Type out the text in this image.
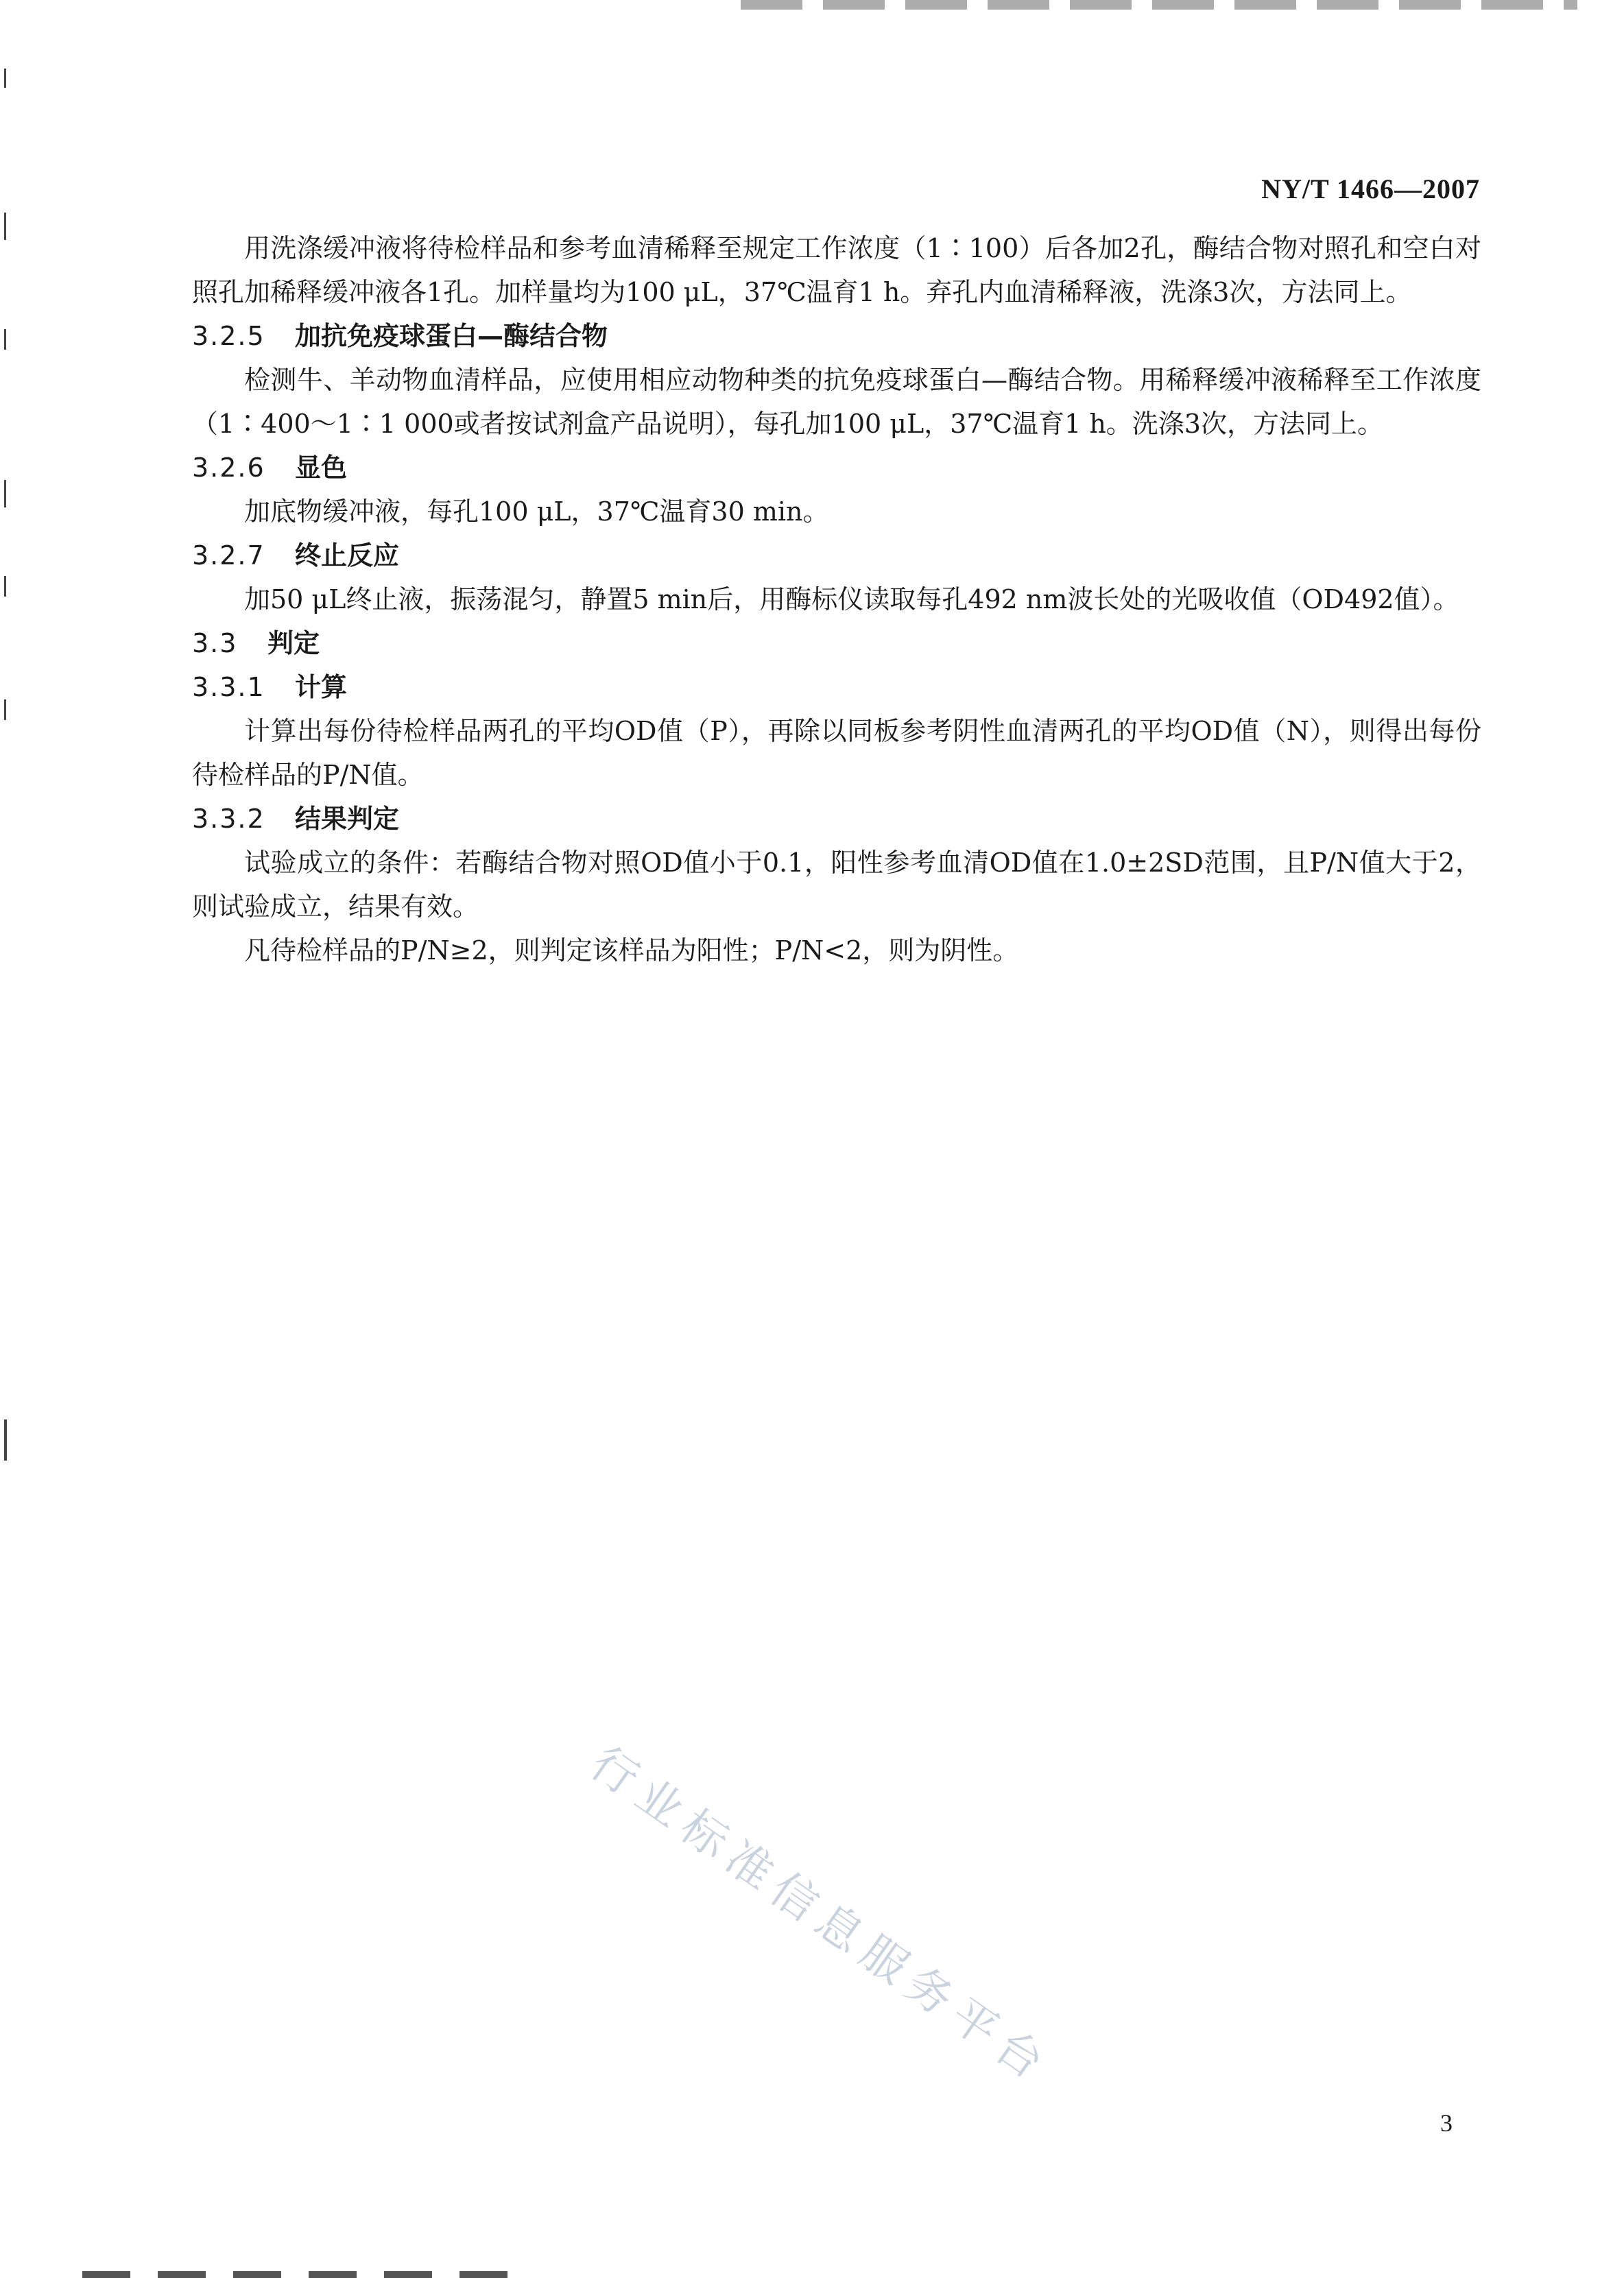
NY/T 1466—2007

用洗涤缓冲液将待检样品和参考血清稀释至规定工作浓度（1∶100）后各加2孔，酶结合物对照孔和空白对照孔加稀释缓冲液各1孔。加样量均为100 μL，37℃温育1 h。弃孔内血清稀释液，洗涤3次，方法同上。

3.2.5 加抗免疫球蛋白—酶结合物

检测牛、羊动物血清样品，应使用相应动物种类的抗免疫球蛋白—酶结合物。用稀释缓冲液稀释至工作浓度（1∶400～1∶1 000或者按试剂盒产品说明），每孔加100 μL，37℃温育1 h。洗涤3次，方法同上。

3.2.6 显色

加底物缓冲液，每孔100 μL，37℃温育30 min。

3.2.7 终止反应

加50 μL终止液，振荡混匀，静置5 min后，用酶标仪读取每孔492 nm波长处的光吸收值（OD492值）。

3.3 判定
3.3.1 计算

计算出每份待检样品两孔的平均OD值（P），再除以同板参考阴性血清两孔的平均OD值（N），则得出每份待检样品的P/N值。

3.3.2 结果判定

试验成立的条件：若酶结合物对照OD值小于0.1，阳性参考血清OD值在1.0±2SD范围，且P/N值大于2，则试验成立，结果有效。

凡待检样品的P/N≥2，则判定该样品为阳性；P/N<2，则为阴性。

行业标准信息服务平台
3
